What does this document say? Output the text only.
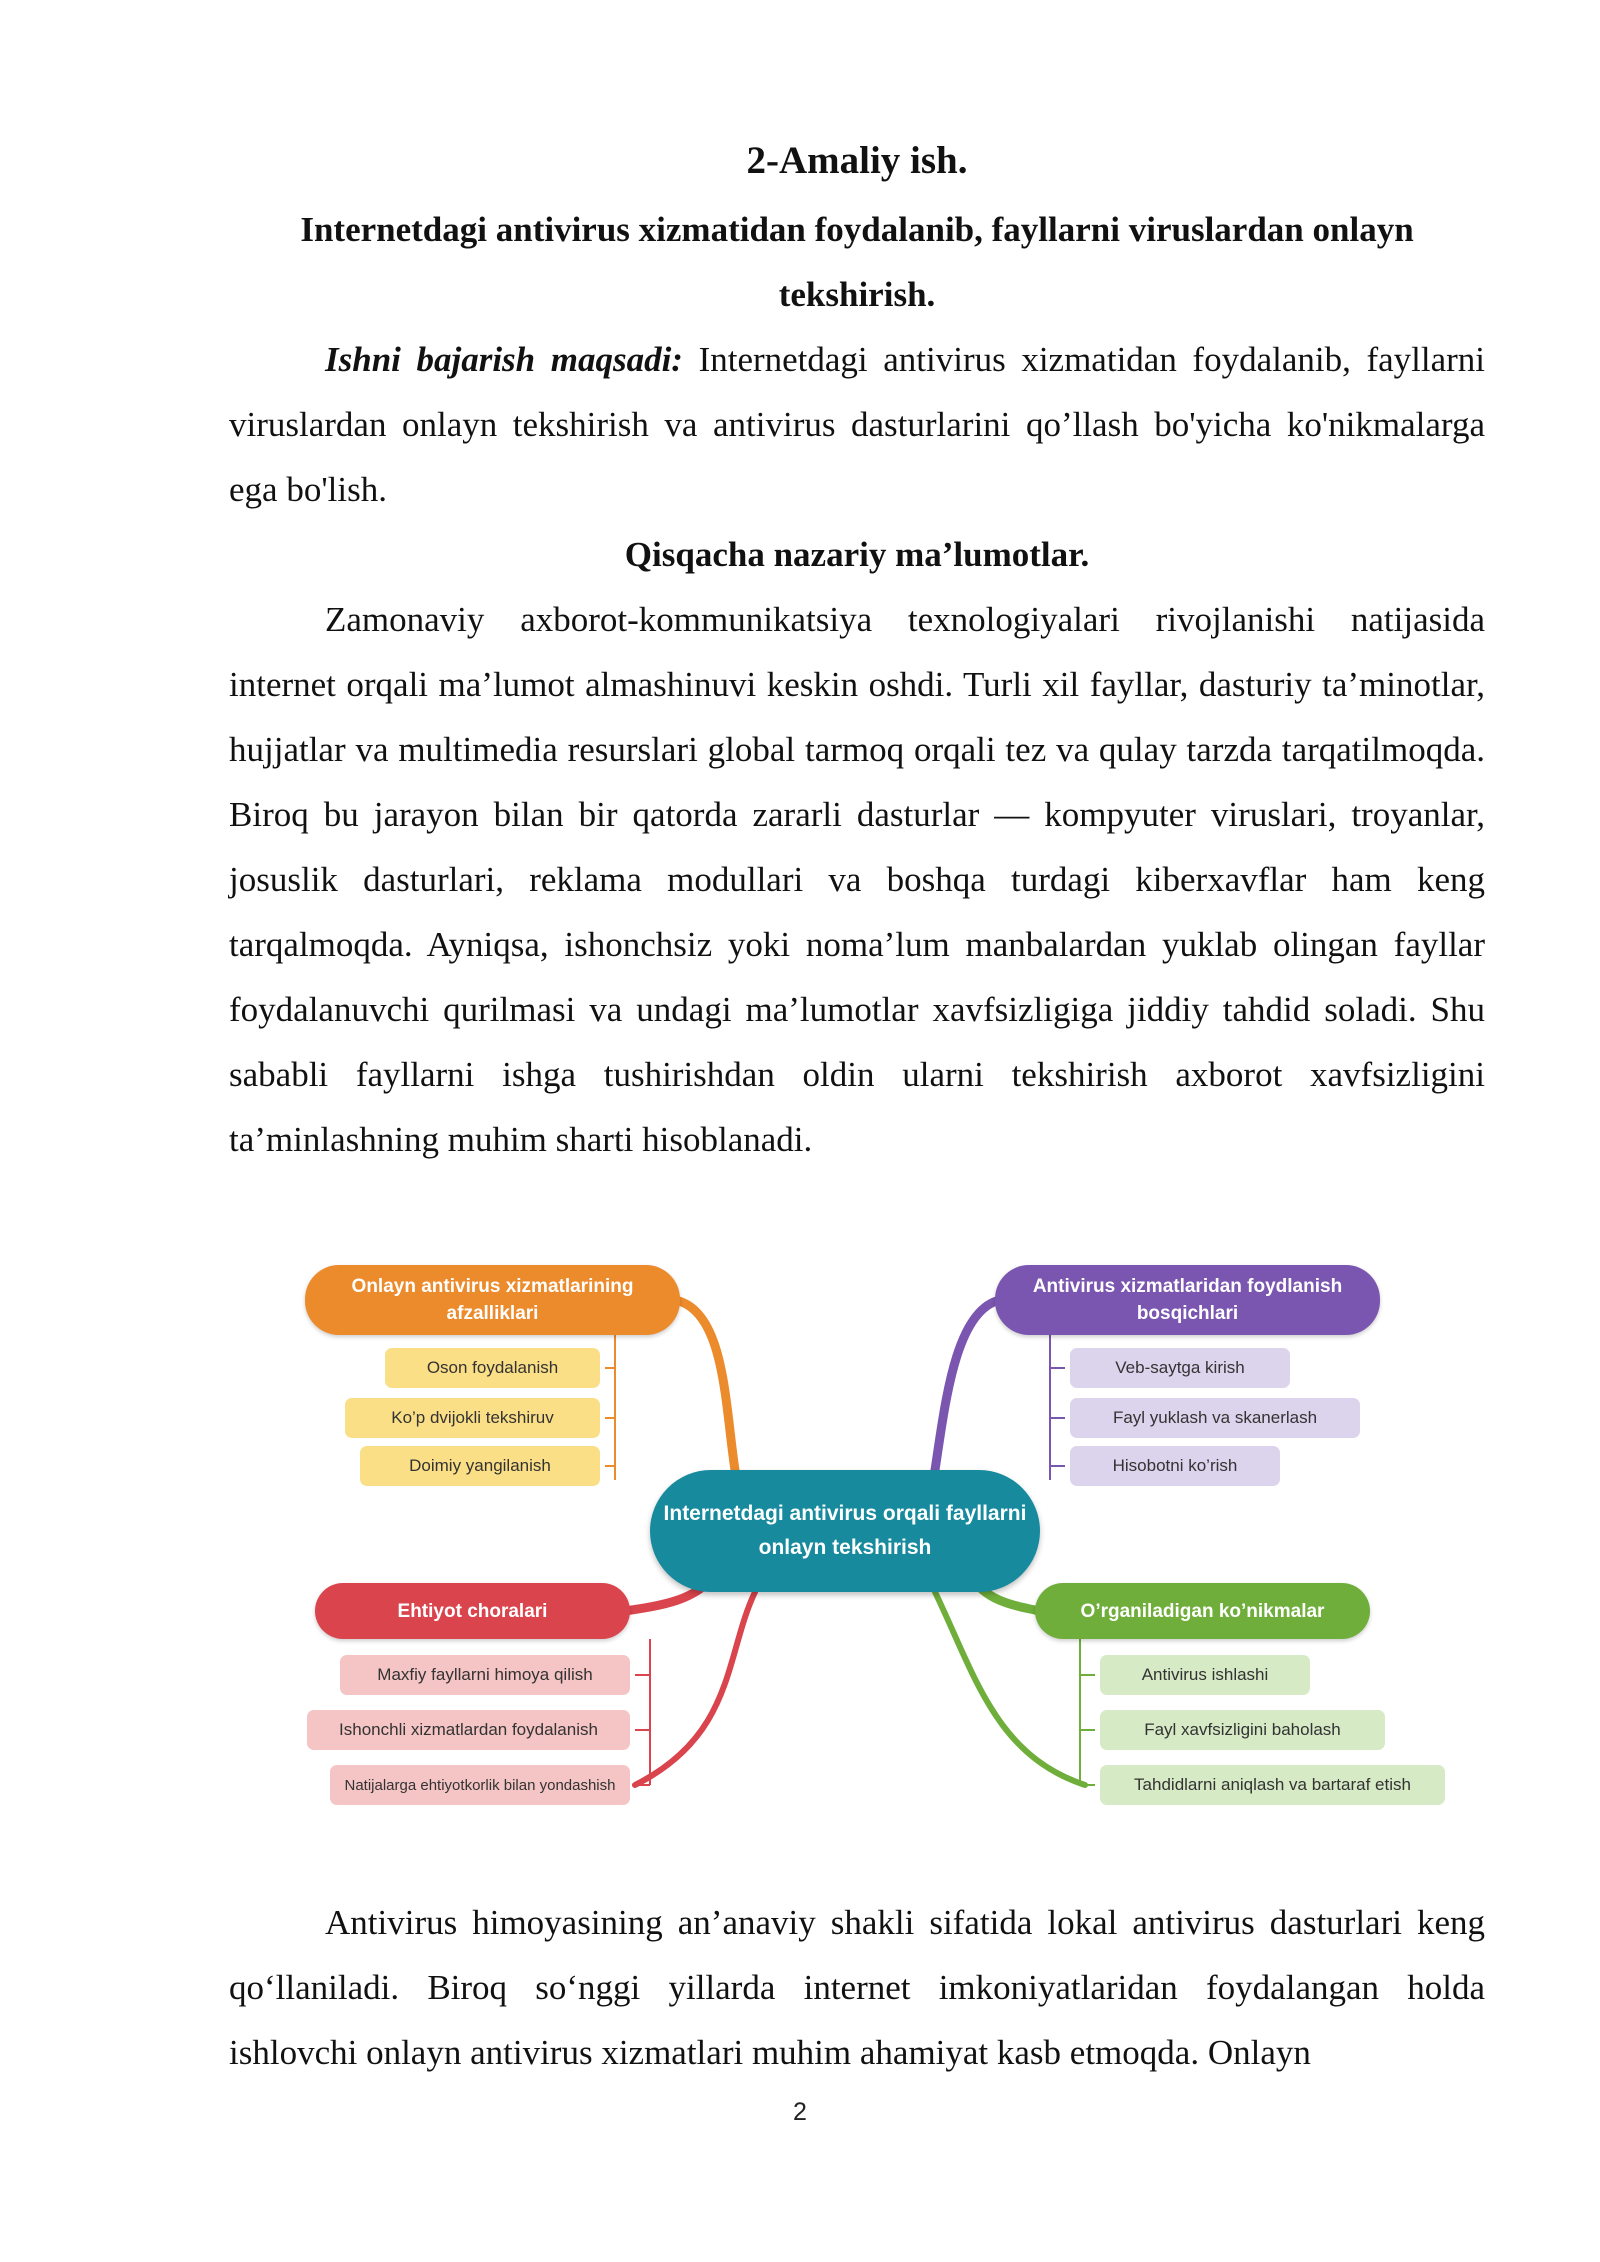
2-Amaliy ish.

Internetdagi antivirus xizmatidan foydalanib, fayllarni viruslardan onlayn tekshirish.

Ishni bajarish maqsadi: Internetdagi antivirus xizmatidan foydalanib, fayllarni viruslardan onlayn tekshirish va antivirus dasturlarini qo’llash bo'yicha ko'nikmalarga ega bo'lish.

Qisqacha nazariy ma’lumotlar.

Zamonaviy axborot-kommunikatsiya texnologiyalari rivojlanishi natijasida internet orqali ma’lumot almashinuvi keskin oshdi. Turli xil fayllar, dasturiy ta’minotlar, hujjatlar va multimedia resurslari global tarmoq orqali tez va qulay tarzda tarqatilmoqda. Biroq bu jarayon bilan bir qatorda zararli dasturlar — kompyuter viruslari, troyanlar, josuslik dasturlari, reklama modullari va boshqa turdagi kiberxavflar ham keng tarqalmoqda. Ayniqsa, ishonchsiz yoki noma’lum manbalardan yuklab olingan fayllar foydalanuvchi qurilmasi va undagi ma’lumotlar xavfsizligiga jiddiy tahdid soladi. Shu sababli fayllarni ishga tushirishdan oldin ularni tekshirish axborot xavfsizligini ta’minlashning muhim sharti hisoblanadi.

Internetdagi antivirus orqali fayllarni onlayn tekshirish
Onlayn antivirus xizmatlarining afzalliklari
Oson foydalanish
Ko’p dvijokli tekshiruv
Doimiy yangilanish
Antivirus xizmatlaridan foydlanish bosqichlari
Veb-saytga kirish
Fayl yuklash va skanerlash
Hisobotni ko’rish
Ehtiyot choralari
Maxfiy fayllarni himoya qilish
Ishonchli xizmatlardan foydalanish
Natijalarga ehtiyotkorlik bilan yondashish
O’rganiladigan ko’nikmalar
Antivirus ishlashi
Fayl xavfsizligini baholash
Tahdidlarni aniqlash va bartaraf etish

Antivirus himoyasining an’anaviy shakli sifatida lokal antivirus dasturlari keng qo‘llaniladi. Biroq so‘nggi yillarda internet imkoniyatlaridan foydalangan holda ishlovchi onlayn antivirus xizmatlari muhim ahamiyat kasb etmoqda. Onlayn

2
